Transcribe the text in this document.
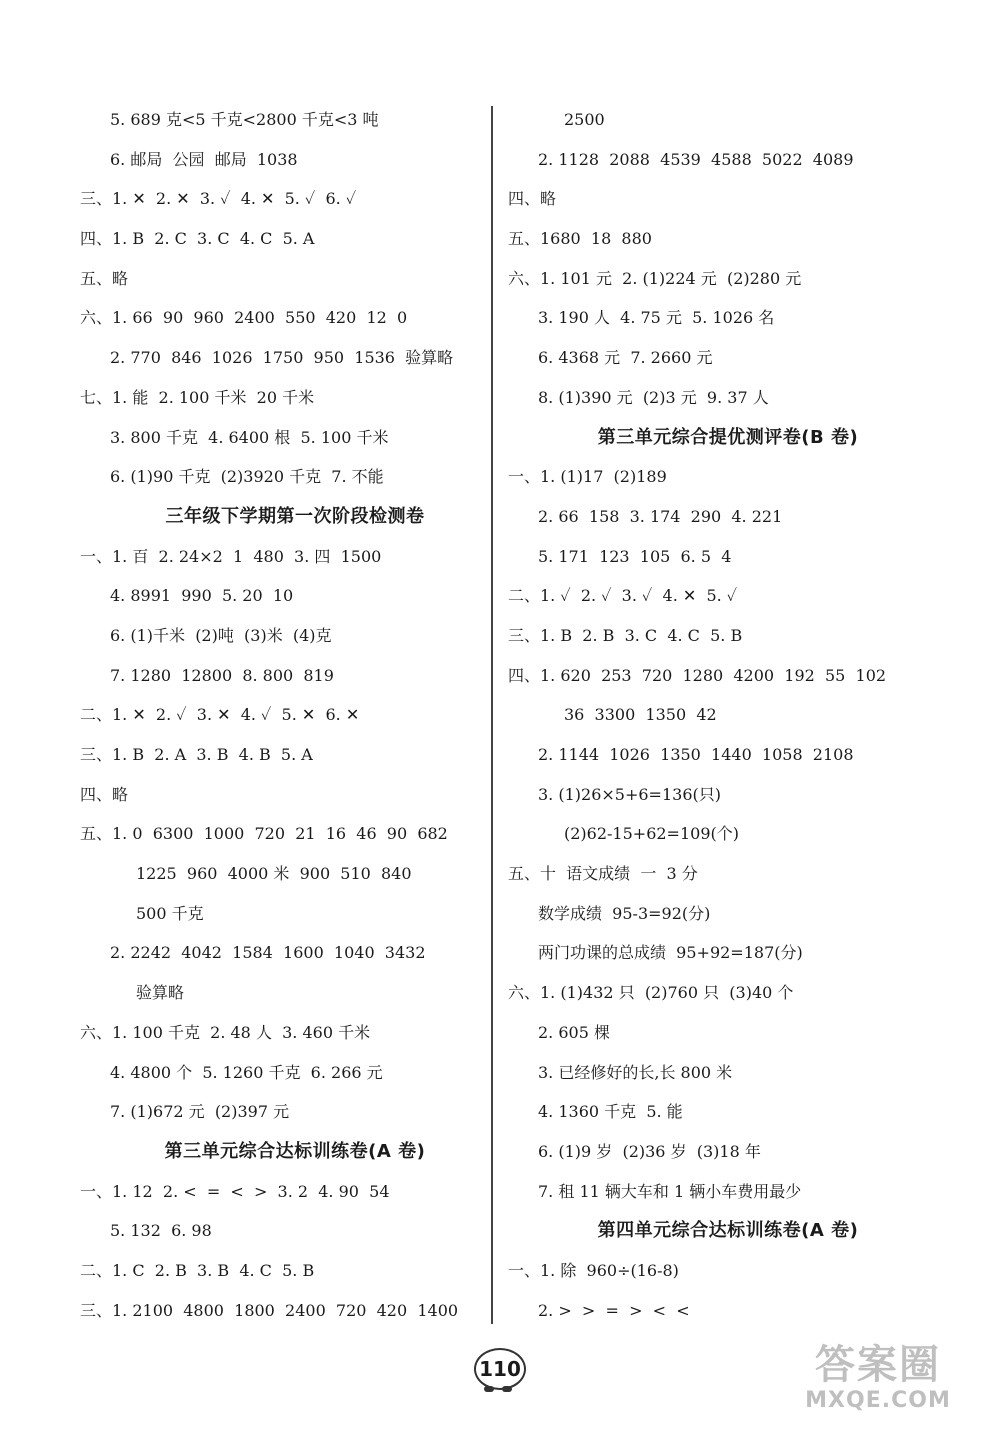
5. 689 克<5 千克<2800 千克<3 吨
6. 邮局  公园  邮局  1038
三、1. ✕  2. ✕  3. ✓  4. ✕  5. ✓  6. ✓
四、1. B  2. C  3. C  4. C  5. A
五、略
六、1. 66  90  960  2400  550  420  12  0
2. 770  846  1026  1750  950  1536  验算略
七、1. 能  2. 100 千米  20 千米
3. 800 千克  4. 6400 根  5. 100 千米
6. (1)90 千克  (2)3920 千克  7. 不能
三年级下学期第一次阶段检测卷
一、1. 百  2. 24×2  1  480  3. 四  1500
4. 8991  990  5. 20  10
6. (1)千米  (2)吨  (3)米  (4)克
7. 1280  12800  8. 800  819
二、1. ✕  2. ✓  3. ✕  4. ✓  5. ✕  6. ✕
三、1. B  2. A  3. B  4. B  5. A
四、略
五、1. 0  6300  1000  720  21  16  46  90  682
1225  960  4000 米  900  510  840
500 千克
2. 2242  4042  1584  1600  1040  3432
验算略
六、1. 100 千克  2. 48 人  3. 460 千米
4. 4800 个  5. 1260 千克  6. 266 元
7. (1)672 元  (2)397 元
第三单元综合达标训练卷(A 卷)
一、1. 12  2. <  =  <  >  3. 2  4. 90  54
5. 132  6. 98
二、1. C  2. B  3. B  4. C  5. B
三、1. 2100  4800  1800  2400  720  420  1400
2500
2. 1128  2088  4539  4588  5022  4089
四、略
五、1680  18  880
六、1. 101 元  2. (1)224 元  (2)280 元
3. 190 人  4. 75 元  5. 1026 名
6. 4368 元  7. 2660 元
8. (1)390 元  (2)3 元  9. 37 人
第三单元综合提优测评卷(B 卷)
一、1. (1)17  (2)189
2. 66  158  3. 174  290  4. 221
5. 171  123  105  6. 5  4
二、1. ✓  2. ✓  3. ✓  4. ✕  5. ✓
三、1. B  2. B  3. C  4. C  5. B
四、1. 620  253  720  1280  4200  192  55  102
36  3300  1350  42
2. 1144  1026  1350  1440  1058  2108
3. (1)26×5+6=136(只)
(2)62-15+62=109(个)
五、十  语文成绩  一  3 分
数学成绩  95-3=92(分)
两门功课的总成绩  95+92=187(分)
六、1. (1)432 只  (2)760 只  (3)40 个
2. 605 棵
3. 已经修好的长,长 800 米
4. 1360 千克  5. 能
6. (1)9 岁  (2)36 岁  (3)18 年
7. 租 11 辆大车和 1 辆小车费用最少
第四单元综合达标训练卷(A 卷)
一、1. 除  960÷(16-8)
2. >  >  =  >  <  <
110	答案圈
MXQE.COM
